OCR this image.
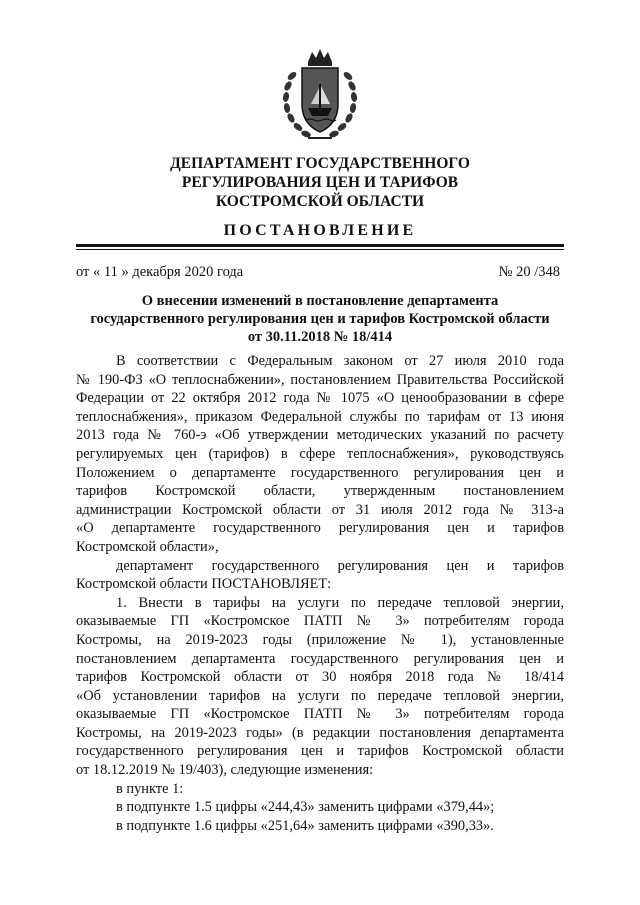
ДЕПАРТАМЕНТ ГОСУДАРСТВЕННОГО
РЕГУЛИРОВАНИЯ ЦЕН И ТАРИФОВ
КОСТРОМСКОЙ ОБЛАСТИ
ПОСТАНОВЛЕНИЕ
от « 11 » декабря 2020 года	№ 20 /348
О внесении изменений в постановление департамента
государственного регулирования цен и тарифов Костромской области
от 30.11.2018 № 18/414
В соответствии с Федеральным законом от 27 июля 2010 года
№ 190-ФЗ «О теплоснабжении», постановлением Правительства Российской
Федерации от 22 октября 2012 года № 1075 «О ценообразовании в сфере
теплоснабжения», приказом Федеральной службы по тарифам от 13 июня
2013 года № 760-э «Об утверждении методических указаний по расчету
регулируемых цен (тарифов) в сфере теплоснабжения», руководствуясь
Положением о департаменте государственного регулирования цен и
тарифов Костромской области, утвержденным постановлением
администрации Костромской области от 31 июля 2012 года № 313-а
«О департаменте государственного регулирования цен и тарифов
Костромской области»,
департамент государственного регулирования цен и тарифов
Костромской области ПОСТАНОВЛЯЕТ:
1. Внести в тарифы на услуги по передаче тепловой энергии,
оказываемые ГП «Костромское ПАТП № 3» потребителям города
Костромы, на 2019-2023 годы (приложение № 1), установленные
постановлением департамента государственного регулирования цен и
тарифов Костромской области от 30 ноября 2018 года № 18/414
«Об установлении тарифов на услуги по передаче тепловой энергии,
оказываемые ГП «Костромское ПАТП № 3» потребителям города
Костромы, на 2019-2023 годы» (в редакции постановления департамента
государственного регулирования цен и тарифов Костромской области
от 18.12.2019 № 19/403), следующие изменения:
в пункте 1:
в подпункте 1.5 цифры «244,43» заменить цифрами «379,44»;
в подпункте 1.6 цифры «251,64» заменить цифрами «390,33».
